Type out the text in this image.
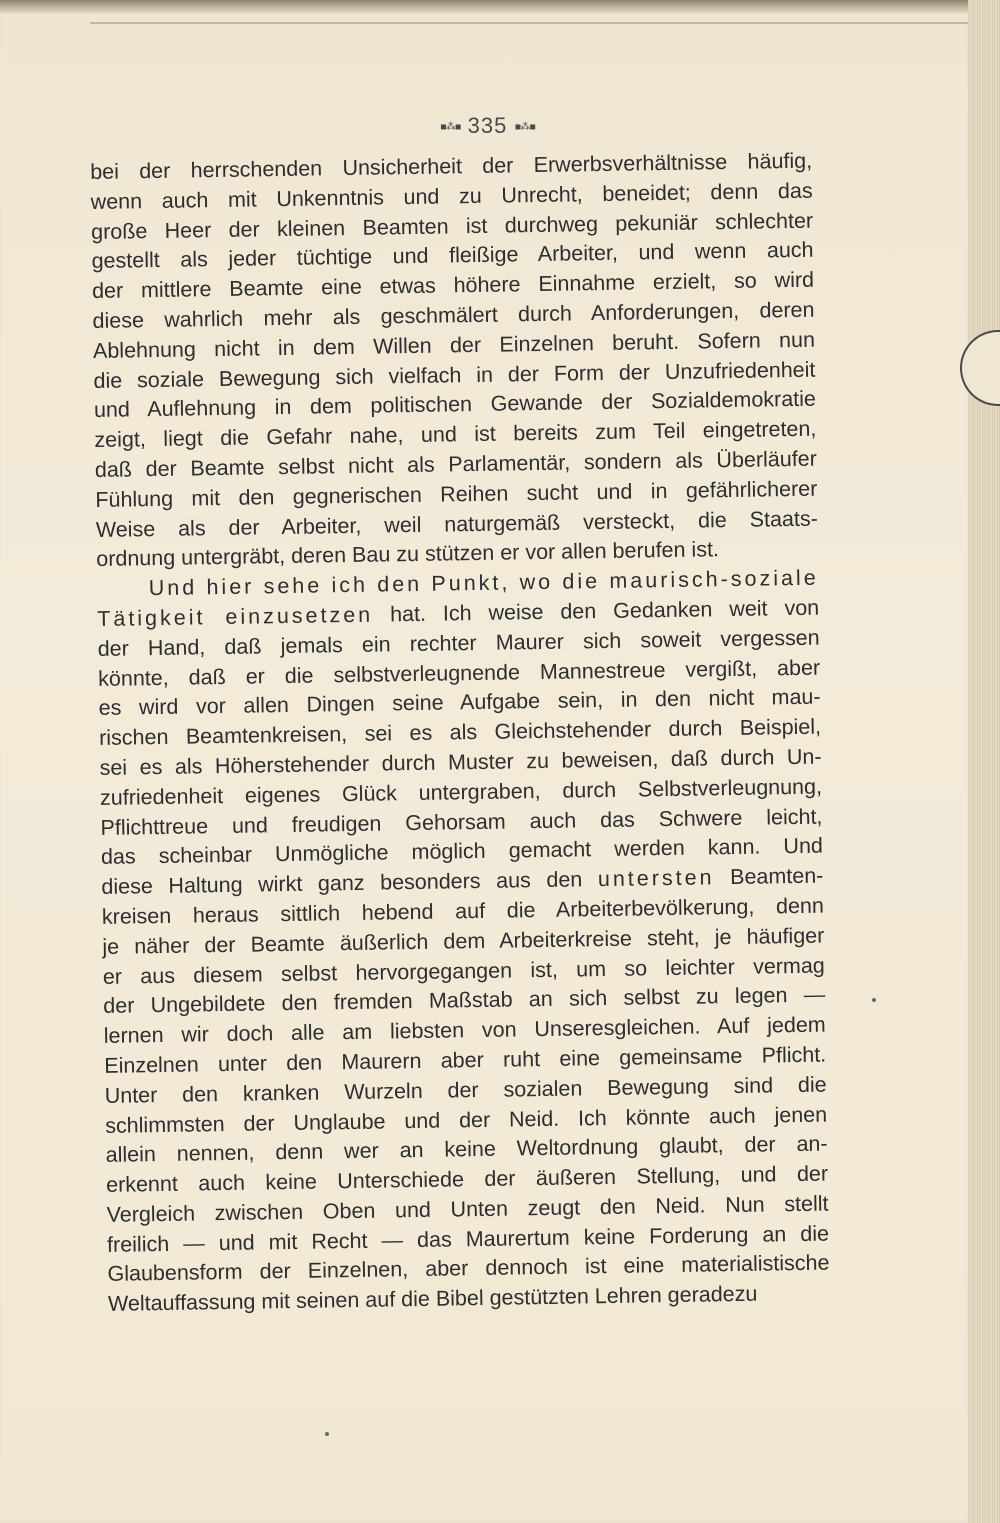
▪︎⁂▪︎ 335 ▪︎⁂▪︎
bei der herrschenden Unsicherheit der Erwerbsverhältnisse häufig,
wenn auch mit Unkenntnis und zu Unrecht, beneidet; denn das
große Heer der kleinen Beamten ist durchweg pekuniär schlechter
gestellt als jeder tüchtige und fleißige Arbeiter, und wenn auch
der mittlere Beamte eine etwas höhere Einnahme erzielt, so wird
diese wahrlich mehr als geschmälert durch Anforderungen, deren
Ablehnung nicht in dem Willen der Einzelnen beruht. Sofern nun
die soziale Bewegung sich vielfach in der Form der Unzufriedenheit
und Auflehnung in dem politischen Gewande der Sozialdemokratie
zeigt, liegt die Gefahr nahe, und ist bereits zum Teil eingetreten,
daß der Beamte selbst nicht als Parlamentär, sondern als Überläufer
Fühlung mit den gegnerischen Reihen sucht und in gefährlicherer
Weise als der Arbeiter, weil naturgemäß versteckt, die Staats-
ordnung untergräbt, deren Bau zu stützen er vor allen berufen ist.
Und hier sehe ich den Punkt, wo die maurisch-soziale
Tätigkeit einzusetzen hat. Ich weise den Gedanken weit von
der Hand, daß jemals ein rechter Maurer sich soweit vergessen
könnte, daß er die selbstverleugnende Mannestreue vergißt, aber
es wird vor allen Dingen seine Aufgabe sein, in den nicht mau-
rischen Beamtenkreisen, sei es als Gleichstehender durch Beispiel,
sei es als Höherstehender durch Muster zu beweisen, daß durch Un-
zufriedenheit eigenes Glück untergraben, durch Selbstverleugnung,
Pflichttreue und freudigen Gehorsam auch das Schwere leicht,
das scheinbar Unmögliche möglich gemacht werden kann. Und
diese Haltung wirkt ganz besonders aus den untersten Beamten-
kreisen heraus sittlich hebend auf die Arbeiterbevölkerung, denn
je näher der Beamte äußerlich dem Arbeiterkreise steht, je häufiger
er aus diesem selbst hervorgegangen ist, um so leichter vermag
der Ungebildete den fremden Maßstab an sich selbst zu legen —
lernen wir doch alle am liebsten von Unseresgleichen. Auf jedem
Einzelnen unter den Maurern aber ruht eine gemeinsame Pflicht.
Unter den kranken Wurzeln der sozialen Bewegung sind die
schlimmsten der Unglaube und der Neid. Ich könnte auch jenen
allein nennen, denn wer an keine Weltordnung glaubt, der an-
erkennt auch keine Unterschiede der äußeren Stellung, und der
Vergleich zwischen Oben und Unten zeugt den Neid. Nun stellt
freilich — und mit Recht — das Maurertum keine Forderung an die
Glaubensform der Einzelnen, aber dennoch ist eine materialistische
Weltauffassung mit seinen auf die Bibel gestützten Lehren geradezu
